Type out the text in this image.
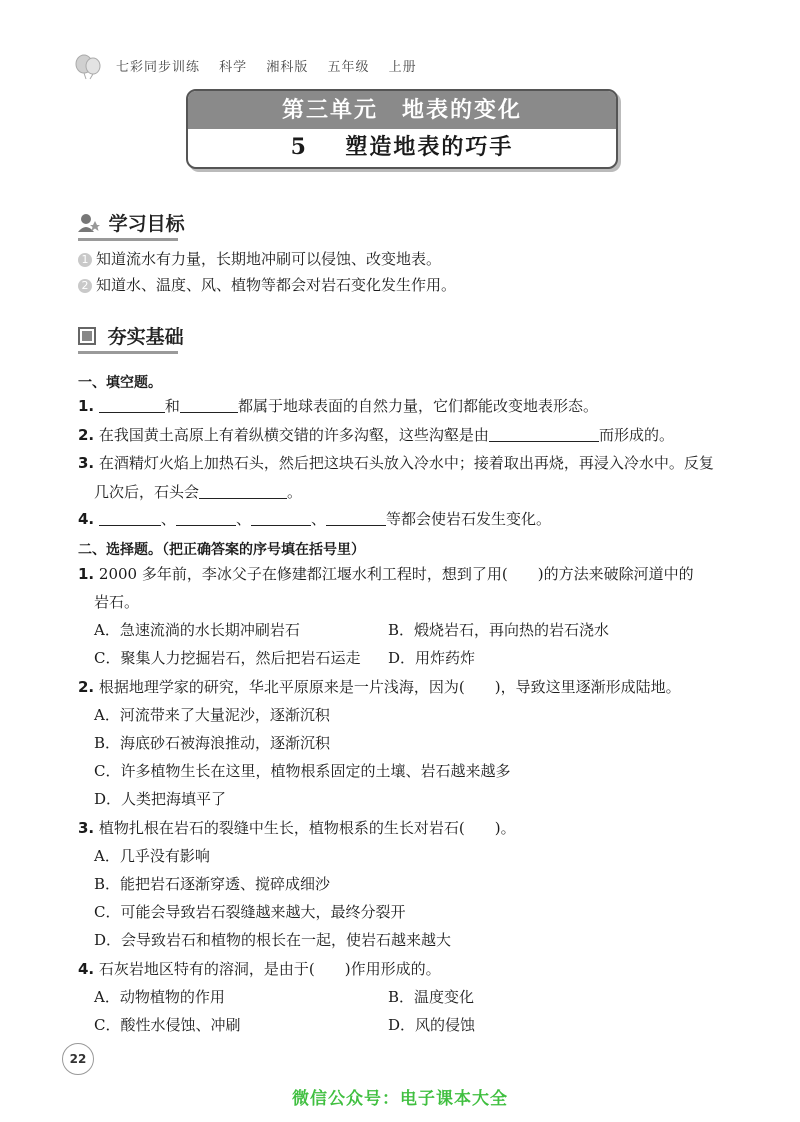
七彩同步训练 科学 湘科版 五年级 上册
第三单元　地表的变化
5 塑造地表的巧手
学习目标
1 知道流水有力量，长期地冲刷可以侵蚀、改变地表。
2 知道水、温度、风、植物等都会对岩石变化发生作用。
夯实基础
一、填空题。
1.	和	都属于地球表面的自然力量，它们都能改变地表形态。
2. 在我国黄土高原上有着纵横交错的许多沟壑，这些沟壑是由	而形成的。
3. 在酒精灯火焰上加热石头，然后把这块石头放入冷水中；接着取出再烧，再浸入冷水中。反复
几次后，石头会	。
4.	、	、	、	等都会使岩石发生变化。
二、选择题。（把正确答案的序号填在括号里）
1. 2000 多年前，李冰父子在修建都江堰水利工程时，想到了用(　　)的方法来破除河道中的
岩石。
A．急速流淌的水长期冲刷岩石	B．煅烧岩石，再向热的岩石浇水
C．聚集人力挖掘岩石，然后把岩石运走 D．用炸药炸
2. 根据地理学家的研究，华北平原原来是一片浅海，因为(　　)，导致这里逐渐形成陆地。
A．河流带来了大量泥沙，逐渐沉积
B．海底砂石被海浪推动，逐渐沉积
C．许多植物生长在这里，植物根系固定的土壤、岩石越来越多
D．人类把海填平了
3. 植物扎根在岩石的裂缝中生长，植物根系的生长对岩石(　　)。
A．几乎没有影响
B．能把岩石逐渐穿透、搅碎成细沙
C．可能会导致岩石裂缝越来越大，最终分裂开
D．会导致岩石和植物的根长在一起，使岩石越来越大
4. 石灰岩地区特有的溶洞，是由于(　　)作用形成的。
A．动物植物的作用	B．温度变化
C．酸性水侵蚀、冲刷	D．风的侵蚀
22
微信公众号：电子课本大全
